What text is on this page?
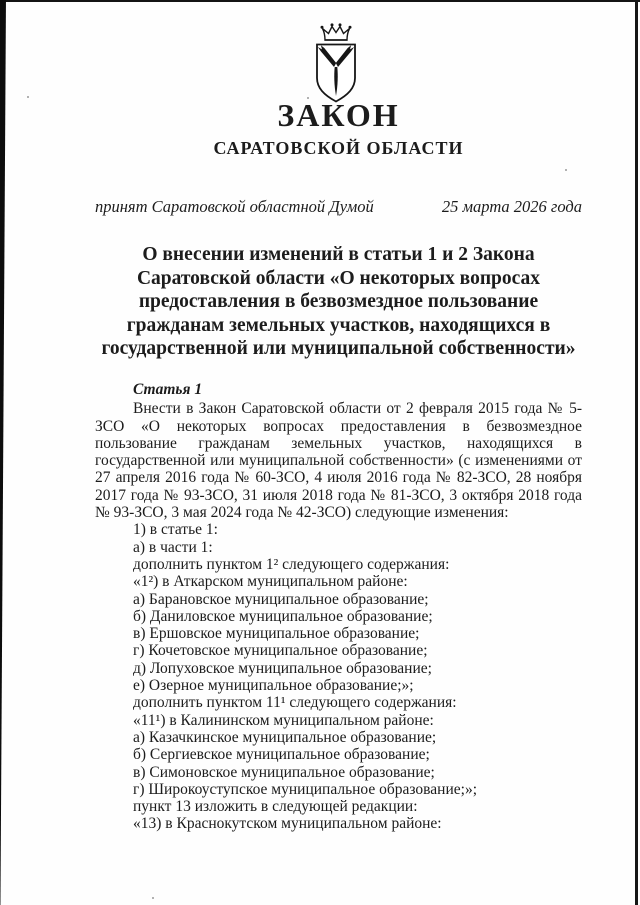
ЗАКОН
САРАТОВСКОЙ ОБЛАСТИ
принят Саратовской областной Думой	25 марта 2026 года
О внесении изменений в статьи 1 и 2 Закона
Саратовской области «О некоторых вопросах
предоставления в безвозмездное пользование
гражданам земельных участков, находящихся в
государственной или муниципальной собственности»
Статья 1
Внести в Закон Саратовской области от 2 февраля 2015 года № 5-ЗСО «О некоторых вопросах предоставления в безвозмездное пользование гражданам земельных участков, находящихся в государственной или муниципальной собственности» (с изменениями от 27 апреля 2016 года № 60-ЗСО, 4 июля 2016 года № 82-ЗСО, 28 ноября 2017 года № 93-ЗСО, 31 июля 2018 года № 81-ЗСО, 3 октября 2018 года № 93-ЗСО, 3 мая 2024 года № 42-ЗСО) следующие изменения:
1) в статье 1:
а) в части 1:
дополнить пунктом 1² следующего содержания:
«1²) в Аткарском муниципальном районе:
а) Барановское муниципальное образование;
б) Даниловское муниципальное образование;
в) Ершовское муниципальное образование;
г) Кочетовское муниципальное образование;
д) Лопуховское муниципальное образование;
е) Озерное муниципальное образование;»;
дополнить пунктом 11¹ следующего содержания:
«11¹) в Калининском муниципальном районе:
а) Казачкинское муниципальное образование;
б) Сергиевское муниципальное образование;
в) Симоновское муниципальное образование;
г) Широкоуступское муниципальное образование;»;
пункт 13 изложить в следующей редакции:
«13) в Краснокутском муниципальном районе:
